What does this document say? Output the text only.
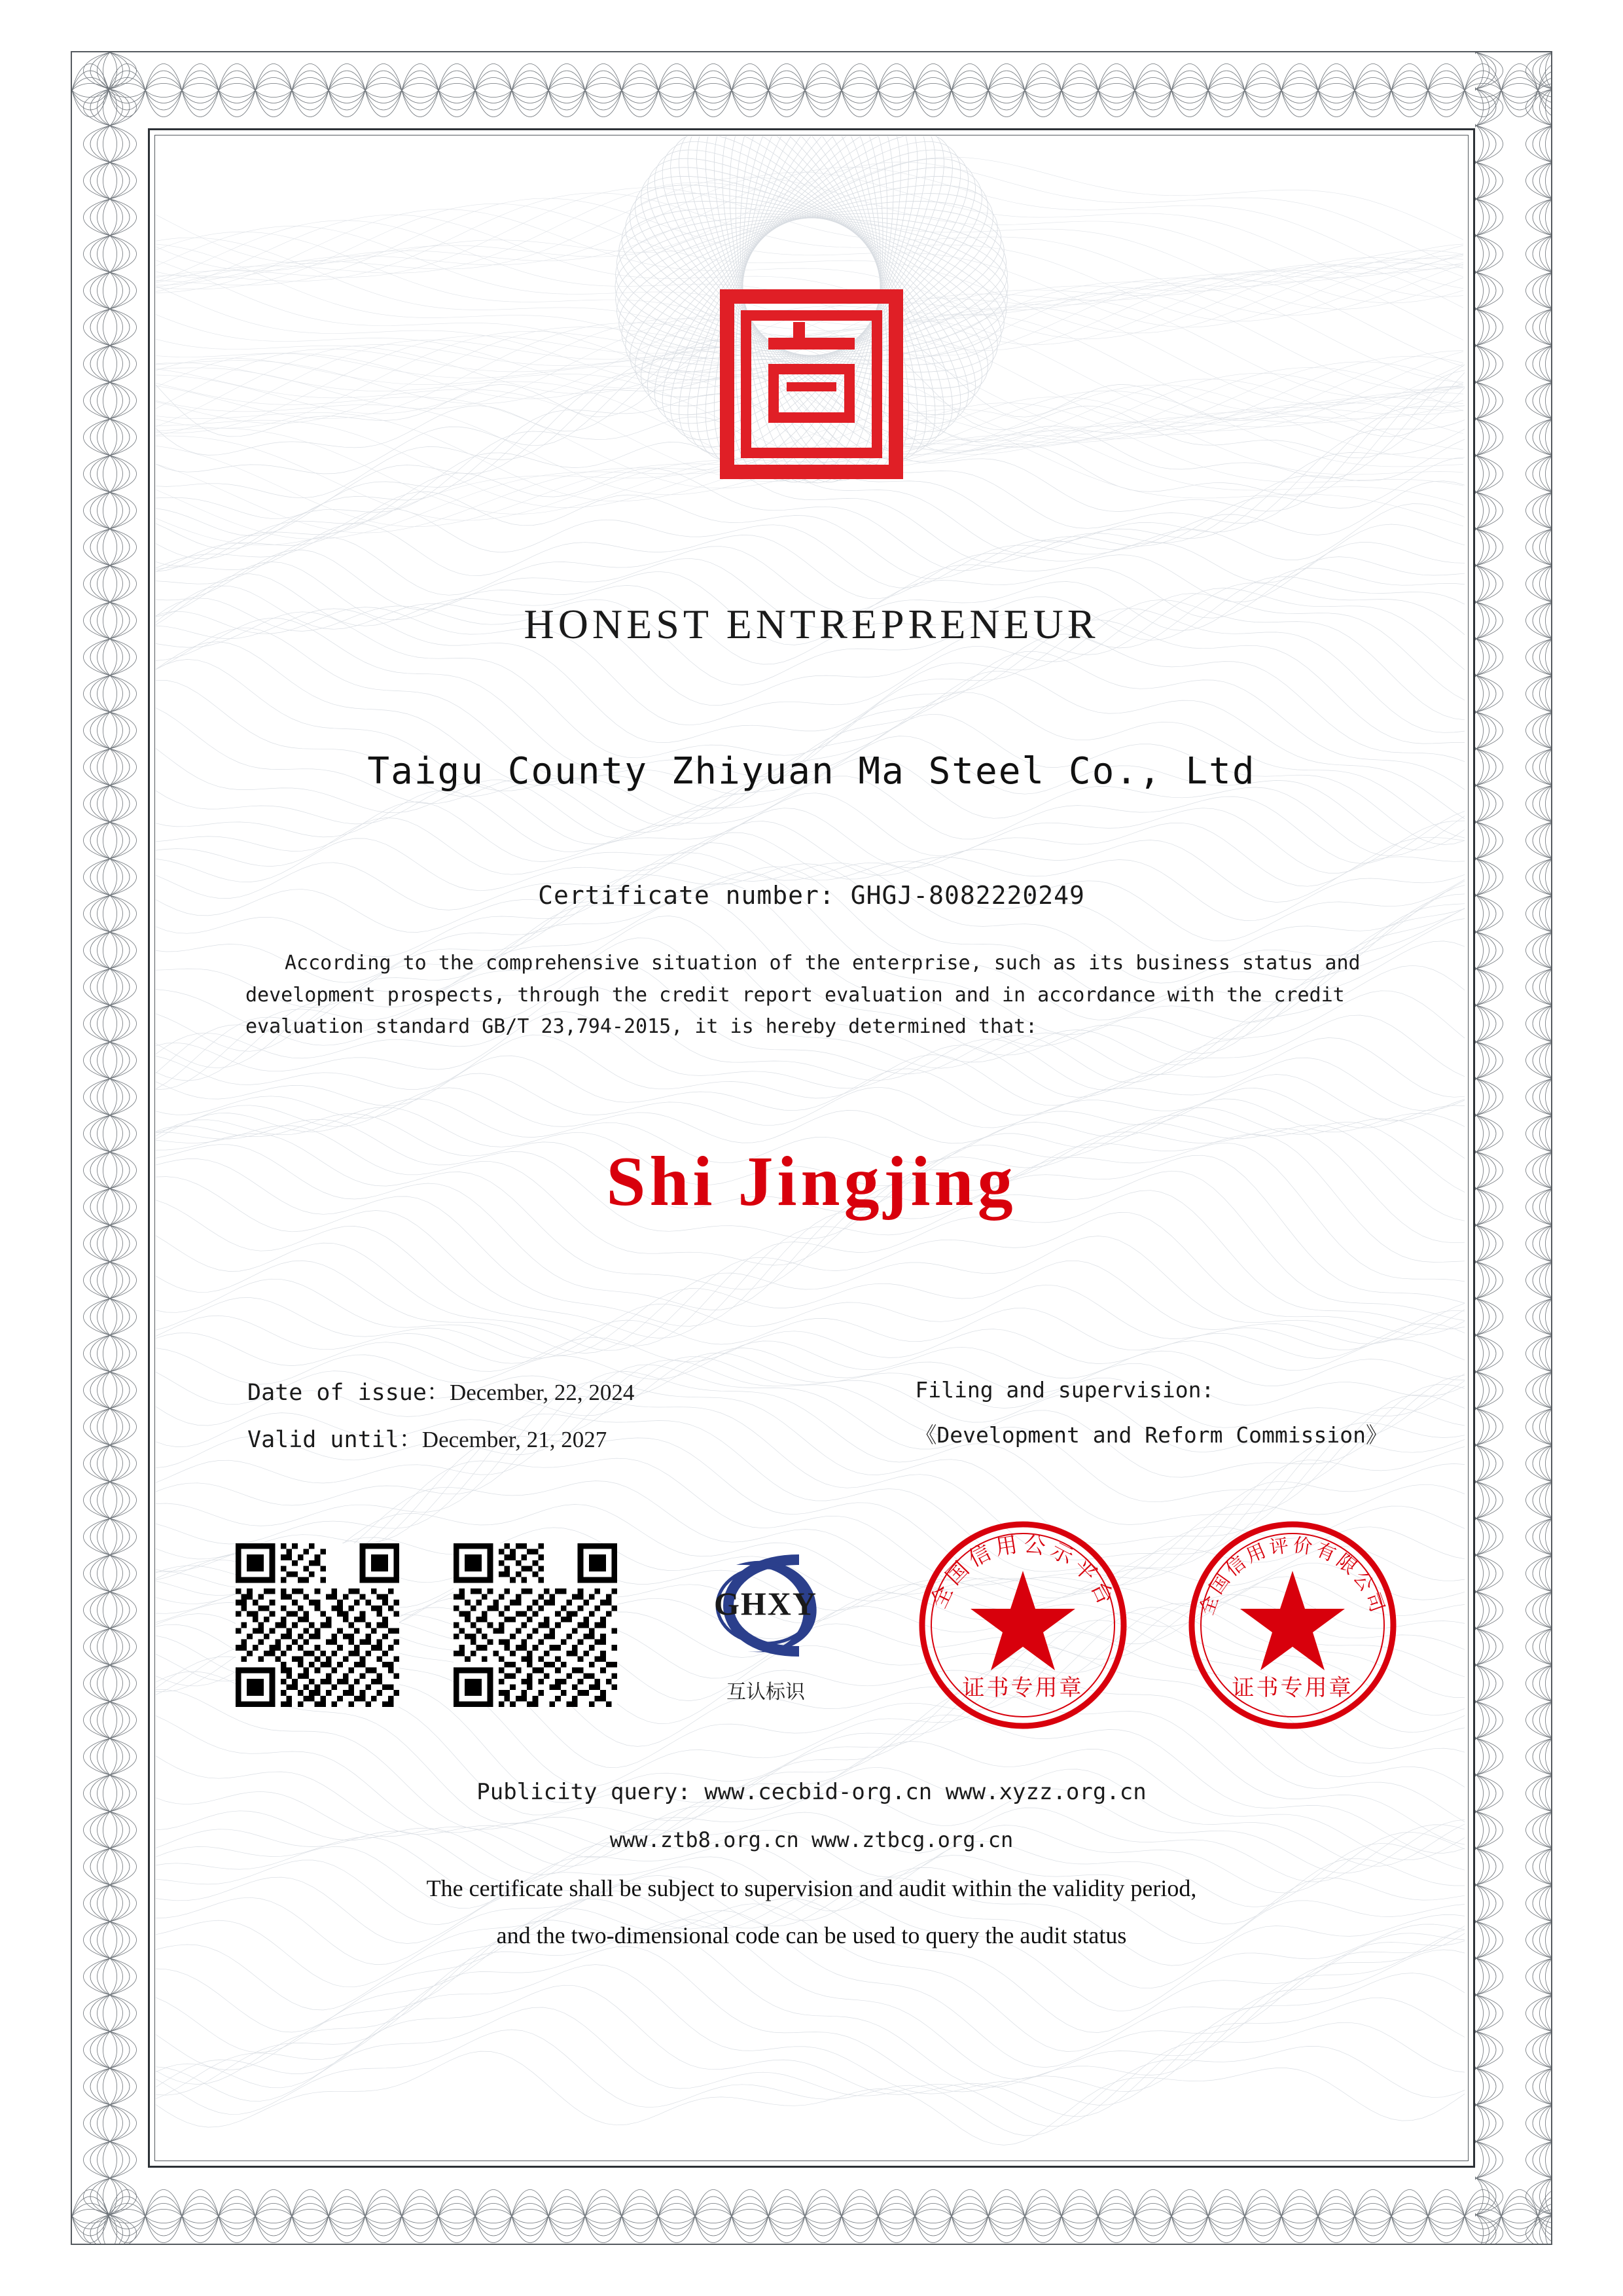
HONEST ENTREPRENEUR
Taigu County Zhiyuan Ma Steel Co., Ltd
Certificate number: GHGJ-8082220249
According to the comprehensive situation of the enterprise, such as its business status and development prospects, through the credit report evaluation and in accordance with the credit evaluation standard GB/T 23,794-2015, it is hereby determined that:
Shi Jingjing
Date of issue：December, 22, 2024
Valid until：December, 21, 2027
Filing and supervision:
《Development and Reform Commission》
GHXY
互认标识
全国信用公示平台
证书专用章
全国信用评价有限公司
证书专用章
Publicity query: www.cecbid-org.cn www.xyzz.org.cn
www.ztb8.org.cn www.ztbcg.org.cn
The certificate shall be subject to supervision and audit within the validity period,
and the two-dimensional code can be used to query the audit status
